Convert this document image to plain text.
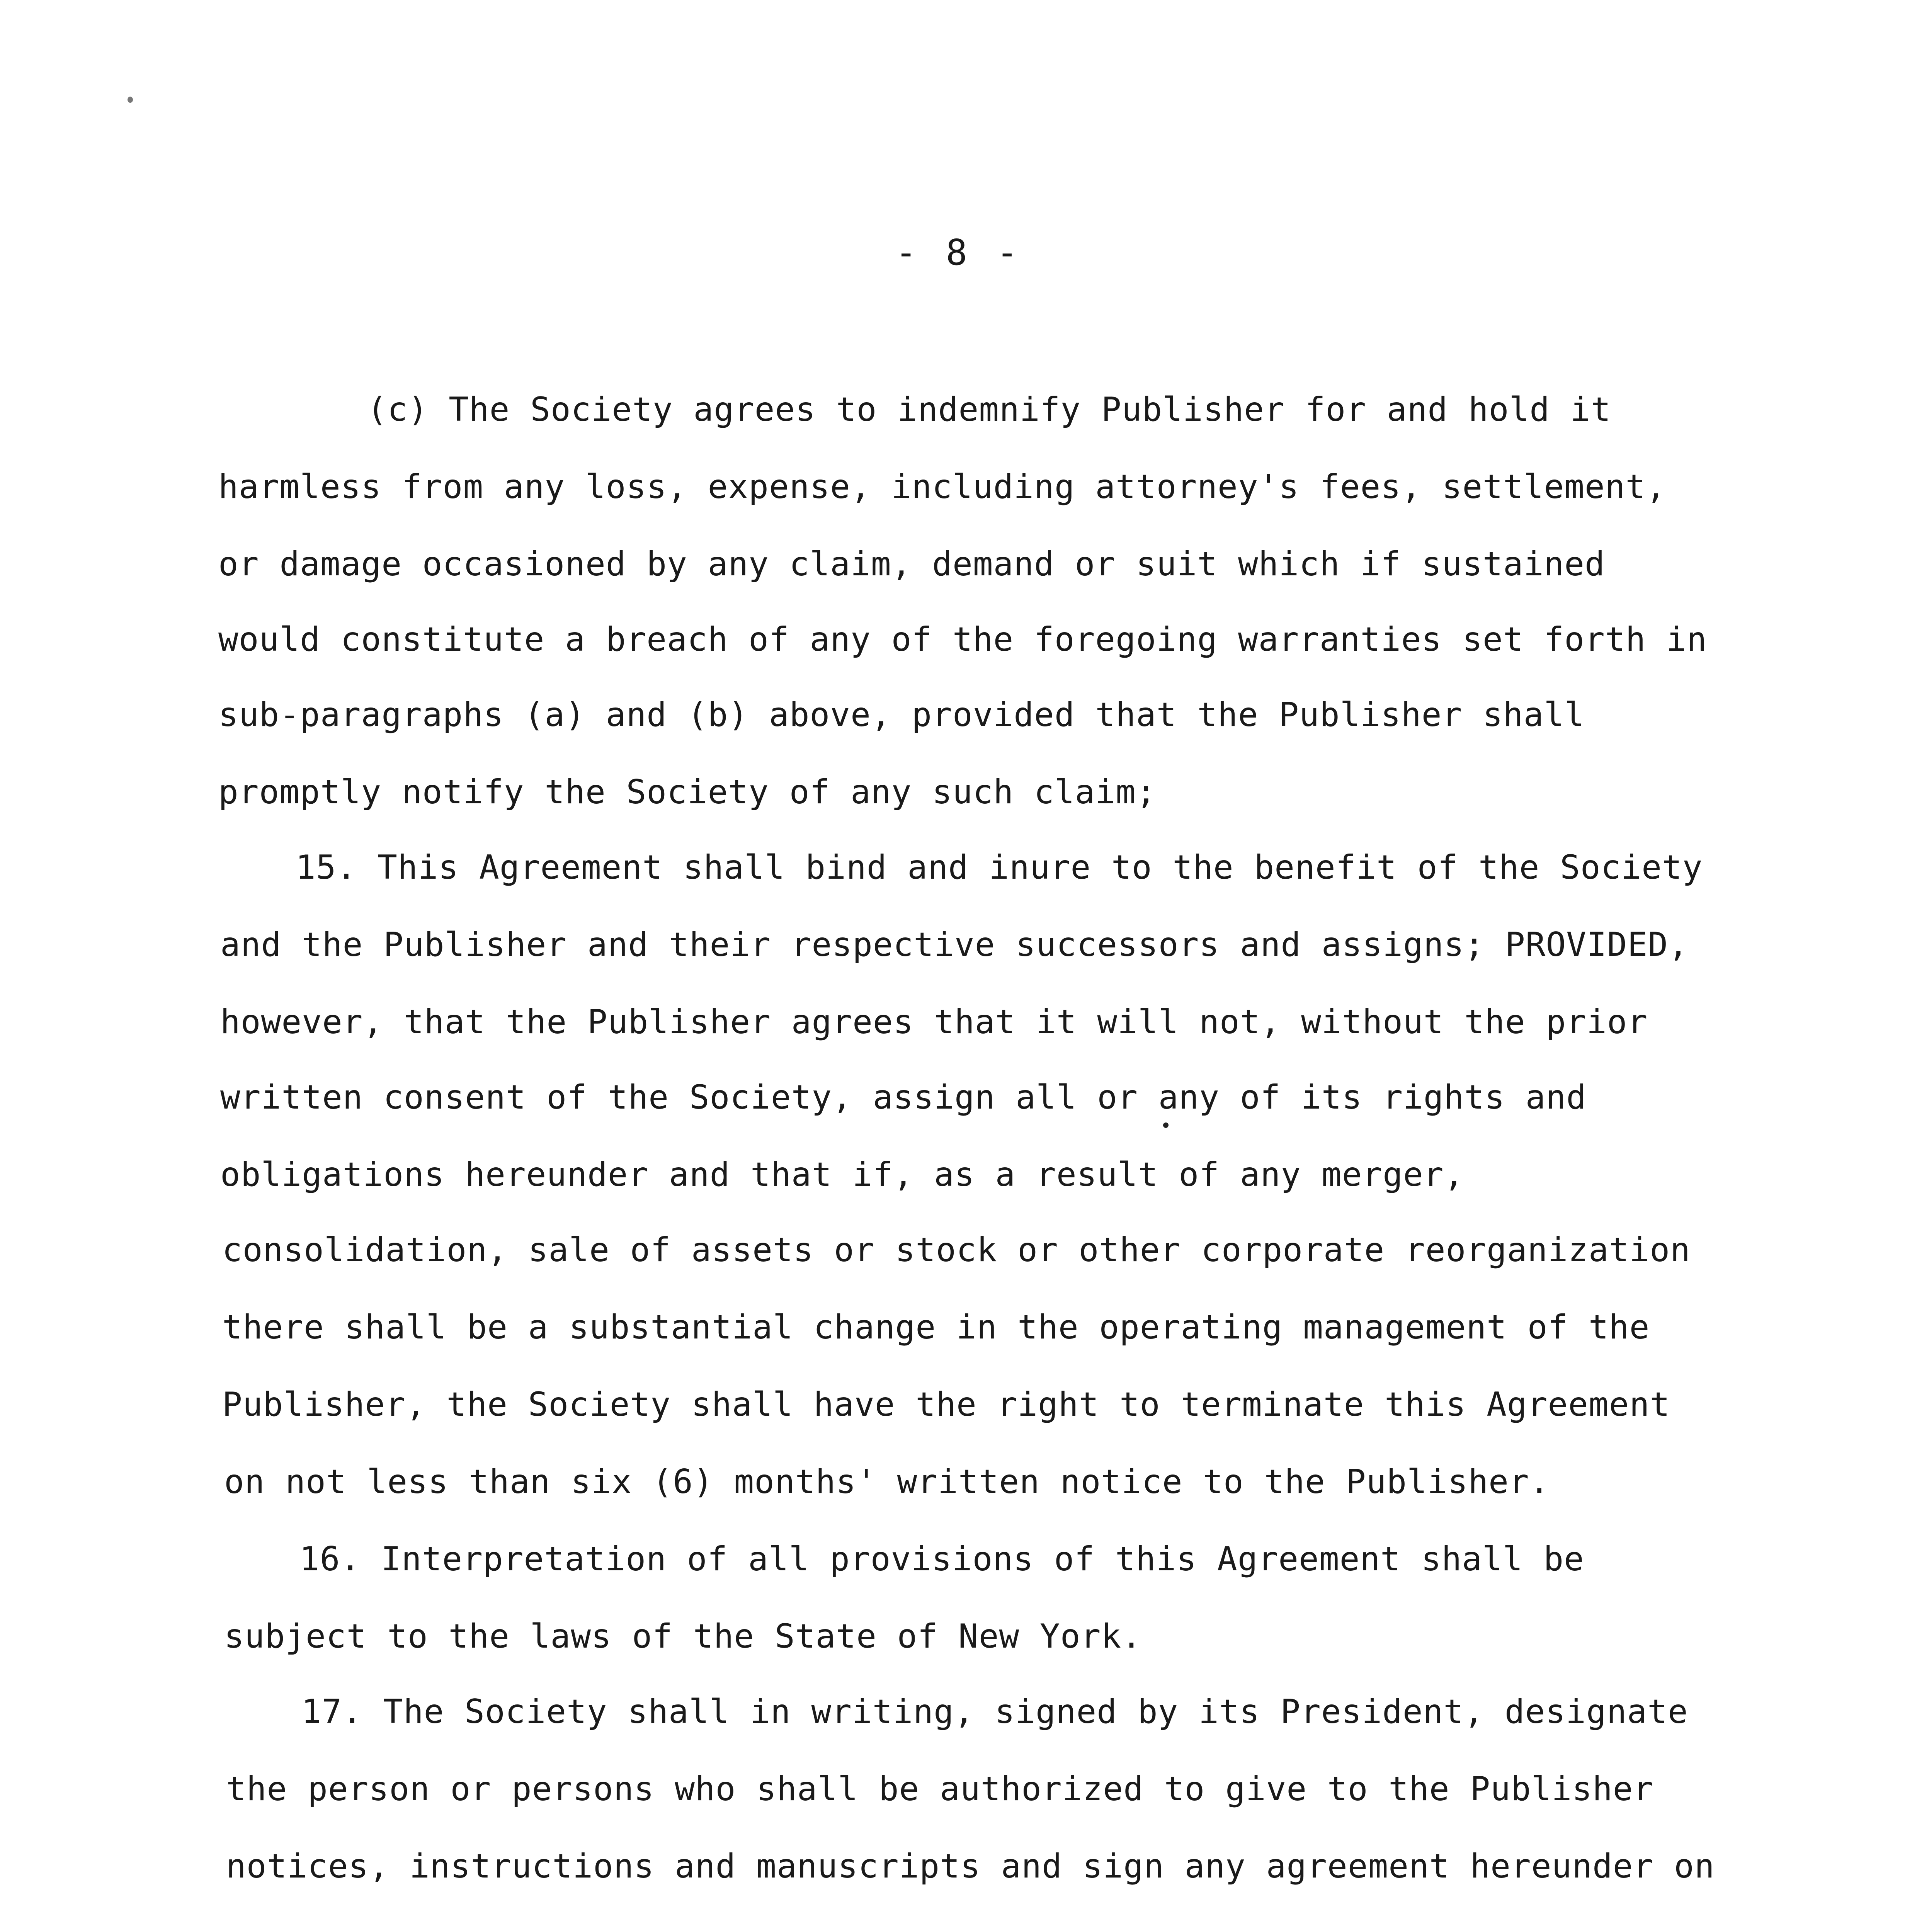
- 8 -
(c) The Society agrees to indemnify Publisher for and hold it
harmless from any loss, expense, including attorney's fees, settlement,
or damage occasioned by any claim, demand or suit which if sustained
would constitute a breach of any of the foregoing warranties set forth in
sub-paragraphs (a) and (b) above, provided that the Publisher shall
promptly notify the Society of any such claim;
15. This Agreement shall bind and inure to the benefit of the Society
and the Publisher and their respective successors and assigns; PROVIDED,
however, that the Publisher agrees that it will not, without the prior
written consent of the Society, assign all or any of its rights and
obligations hereunder and that if, as a result of any merger,
consolidation, sale of assets or stock or other corporate reorganization
there shall be a substantial change in the operating management of the
Publisher, the Society shall have the right to terminate this Agreement
on not less than six (6) months' written notice to the Publisher.
16. Interpretation of all provisions of this Agreement shall be
subject to the laws of the State of New York.
17. The Society shall in writing, signed by its President, designate
the person or persons who shall be authorized to give to the Publisher
notices, instructions and manuscripts and sign any agreement hereunder on
